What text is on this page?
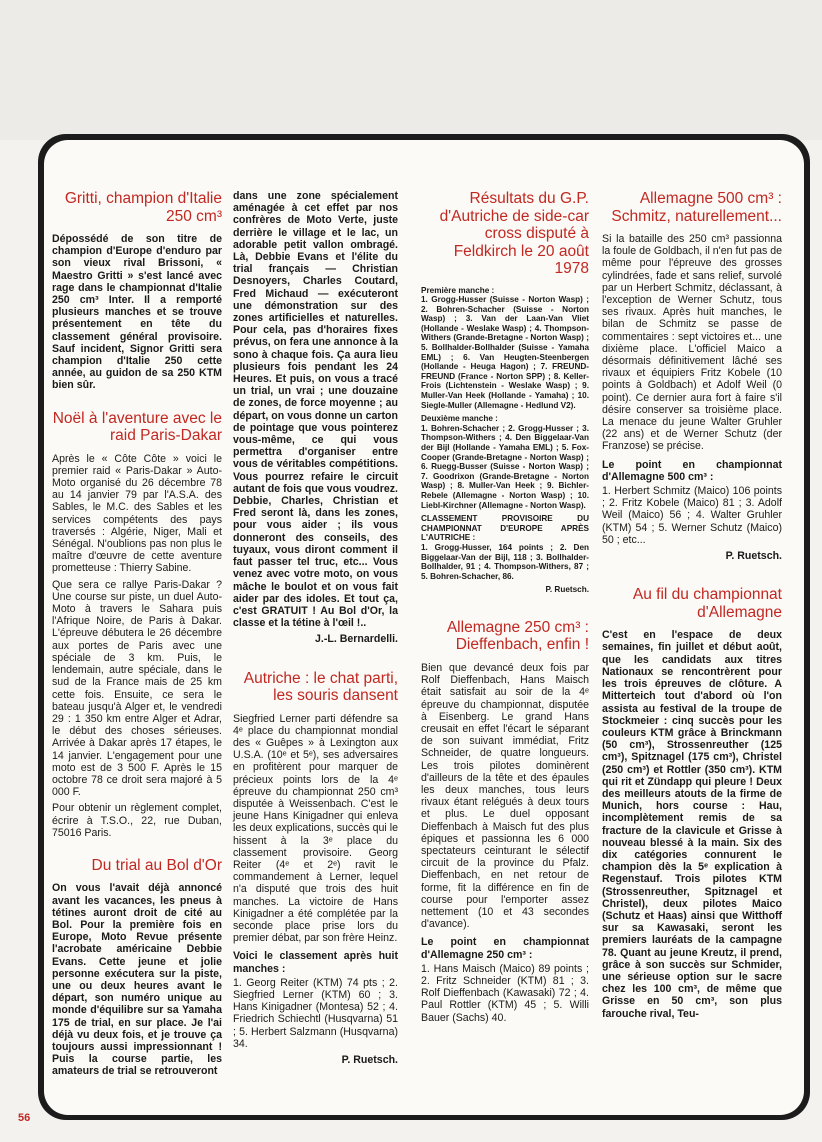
Gritti, champion d'Italie 250 cm³

Dépossédé de son titre de champion d'Europe d'enduro par son vieux rival Brissoni, « Maestro Gritti » s'est lancé avec rage dans le championnat d'Italie 250 cm³ Inter. Il a remporté plusieurs manches et se trouve présentement en tête du classement général provisoire. Sauf incident, Signor Gritti sera champion d'Italie 250 cette année, au guidon de sa 250 KTM bien sûr.

Noël à l'aventure avec le raid Paris-Dakar

Après le « Côte Côte » voici le premier raid « Paris-Dakar » Auto-Moto organisé du 26 décembre 78 au 14 janvier 79 par l'A.S.A. des Sables, le M.C. des Sables et les services compétents des pays traversés : Algérie, Niger, Mali et Sénégal. N'oublions pas non plus le maître d'œuvre de cette aventure prometteuse : Thierry Sabine.

Que sera ce rallye Paris-Dakar ? Une course sur piste, un duel Auto-Moto à travers le Sahara puis l'Afrique Noire, de Paris à Dakar. L'épreuve débutera le 26 décembre aux portes de Paris avec une spéciale de 3 km. Puis, le lendemain, autre spéciale, dans le sud de la France mais de 25 km cette fois. Ensuite, ce sera le bateau jusqu'à Alger et, le vendredi 29 : 1 350 km entre Alger et Adrar, le début des choses sérieuses. Arrivée à Dakar après 17 étapes, le 14 janvier. L'engagement pour une moto est de 3 500 F. Après le 15 octobre 78 ce droit sera majoré à 5 000 F.

Pour obtenir un règlement complet, écrire à T.S.O., 22, rue Duban, 75016 Paris.

Du trial au Bol d'Or

On vous l'avait déjà annoncé avant les vacances, les pneus à tétines auront droit de cité au Bol. Pour la première fois en Europe, Moto Revue présente l'acrobate américaine Debbie Evans. Cette jeune et jolie personne exécutera sur la piste, une ou deux heures avant le départ, son numéro unique au monde d'équilibre sur sa Yamaha 175 de trial, en sur place. Je l'ai déjà vu deux fois, et je trouve ça toujours aussi impressionnant ! Puis la course partie, les amateurs de trial se retrouveront

dans une zone spécialement aménagée à cet effet par nos confrères de Moto Verte, juste derrière le village et le lac, un adorable petit vallon ombragé. Là, Debbie Evans et l'élite du trial français — Christian Desnoyers, Charles Coutard, Fred Michaud — exécuteront une démonstration sur des zones artificielles et naturelles. Pour cela, pas d'horaires fixes prévus, on fera une annonce à la sono à chaque fois. Ça aura lieu plusieurs fois pendant les 24 Heures. Et puis, on vous a tracé un trial, un vrai ; une douzaine de zones, de force moyenne ; au départ, on vous donne un carton de pointage que vous pointerez vous-même, ce qui vous permettra d'organiser entre vous de véritables compétitions. Vous pourrez refaire le circuit autant de fois que vous voudrez. Debbie, Charles, Christian et Fred seront là, dans les zones, pour vous aider ; ils vous donneront des conseils, des tuyaux, vous diront comment il faut passer tel truc, etc... Vous venez avec votre moto, on vous mâche le boulot et on vous fait aider par des idoles. Et tout ça, c'est GRATUIT ! Au Bol d'Or, la classe et la tétine à l'œil !..

J.-L. Bernardelli.
Autriche : le chat parti, les souris dansent

Siegfried Lerner parti défendre sa 4ᵉ place du championnat mondial des « Guêpes » à Lexington aux U.S.A. (10ᵉ et 5ᵉ), ses adversaires en profitèrent pour marquer de précieux points lors de la 4ᵉ épreuve du championnat 250 cm³ disputée à Weissenbach. C'est le jeune Hans Kinigadner qui enleva les deux explications, succès qui le hissent à la 3ᵉ place du classement provisoire. Georg Reiter (4ᵉ et 2ᵉ) ravit le commandement à Lerner, lequel n'a disputé que trois des huit manches. La victoire de Hans Kinigadner a été complétée par la seconde place prise lors du premier débat, par son frère Heinz.

Voici le classement après huit manches :

1. Georg Reiter (KTM) 74 pts ; 2. Siegfried Lerner (KTM) 60 ; 3. Hans Kinigadner (Montesa) 52 ; 4. Friedrich Schiechtl (Husqvarna) 51 ; 5. Herbert Salzmann (Husqvarna) 34.

P. Ruetsch.
Résultats du G.P. d'Autriche de side-car cross disputé à Feldkirch le 20 août 1978
Première manche :

1. Grogg-Husser (Suisse - Norton Wasp) ; 2. Bohren-Schacher (Suisse - Norton Wasp) ; 3. Van der Laan-Van Vliet (Hollande - Weslake Wasp) ; 4. Thompson-Withers (Grande-Bretagne - Norton Wasp) ; 5. Bollhalder-Bollhalder (Suisse - Yamaha EML) ; 6. Van Heugten-Steenbergen (Hollande - Heuga Hagon) ; 7. FREUND-FREUND (France - Norton SPP) ; 8. Keller-Frois (Lichtenstein - Weslake Wasp) ; 9. Muller-Van Heek (Hollande - Yamaha) ; 10. Siegle-Muller (Allemagne - Hedlund V2).

Deuxième manche :

1. Bohren-Schacher ; 2. Grogg-Husser ; 3. Thompson-Withers ; 4. Den Biggelaar-Van der Bijl (Hollande - Yamaha EML) ; 5. Fox-Cooper (Grande-Bretagne - Norton Wasp) ; 6. Ruegg-Busser (Suisse - Norton Wasp) ; 7. Goodrixon (Grande-Bretagne - Norton Wasp) ; 8. Muller-Van Heek ; 9. Bichler-Rebele (Allemagne - Norton Wasp) ; 10. Liebl-Kirchner (Allemagne - Norton Wasp).

CLASSEMENT PROVISOIRE DU CHAMPIONNAT D'EUROPE APRÈS L'AUTRICHE :

1. Grogg-Husser, 164 points ; 2. Den Biggelaar-Van der Bijl, 118 ; 3. Bollhalder-Bollhalder, 91 ; 4. Thompson-Withers, 87 ; 5. Bohren-Schacher, 86.

P. Ruetsch.
Allemagne 250 cm³ : Dieffenbach, enfin !

Bien que devancé deux fois par Rolf Dieffenbach, Hans Maisch était satisfait au soir de la 4ᵉ épreuve du championnat, disputée à Eisenberg. Le grand Hans creusait en effet l'écart le séparant de son suivant immédiat, Fritz Schneider, de quatre longueurs. Les trois pilotes dominèrent d'ailleurs de la tête et des épaules les deux manches, tous leurs rivaux étant relégués à deux tours et plus. Le duel opposant Dieffenbach à Maisch fut des plus épiques et passionna les 6 000 spectateurs ceinturant le sélectif circuit de la province du Pfalz. Dieffenbach, en net retour de forme, fit la différence en fin de course pour l'emporter assez nettement (10 et 43 secondes d'avance).

Le point en championnat d'Allemagne 250 cm³ :

1. Hans Maisch (Maico) 89 points ; 2. Fritz Schneider (KTM) 81 ; 3. Rolf Dieffenbach (Kawasaki) 72 ; 4. Paul Rottler (KTM) 45 ; 5. Willi Bauer (Sachs) 40.

Allemagne 500 cm³ : Schmitz, naturellement...

Si la bataille des 250 cm³ passionna la foule de Goldbach, il n'en fut pas de même pour l'épreuve des grosses cylindrées, fade et sans relief, survolé par un Herbert Schmitz, déclassant, à l'exception de Werner Schutz, tous ses rivaux. Après huit manches, le bilan de Schmitz se passe de commentaires : sept victoires et... une dixième place. L'officiel Maico a désormais définitivement lâché ses rivaux et équipiers Fritz Kobele (10 points à Goldbach) et Adolf Weil (0 point). Ce dernier aura fort à faire s'il désire conserver sa troisième place. La menace du jeune Walter Gruhler (22 ans) et de Werner Schutz (der Franzose) se précise.

Le point en championnat d'Allemagne 500 cm³ :

1. Herbert Schmitz (Maico) 106 points ; 2. Fritz Kobele (Maico) 81 ; 3. Adolf Weil (Maico) 56 ; 4. Walter Gruhler (KTM) 54 ; 5. Werner Schutz (Maico) 50 ; etc...

P. Ruetsch.
Au fil du championnat d'Allemagne

C'est en l'espace de deux semaines, fin juillet et début août, que les candidats aux titres Nationaux se rencontrèrent pour les trois épreuves de clôture. A Mitterteich tout d'abord où l'on assista au festival de la troupe de Stockmeier : cinq succès pour les couleurs KTM grâce à Brinckmann (50 cm³), Strossenreuther (125 cm³), Spitznagel (175 cm³), Christel (250 cm³) et Rottler (350 cm³). KTM qui rit et Zündapp qui pleure ! Deux des meilleurs atouts de la firme de Munich, hors course : Hau, incomplètement remis de sa fracture de la clavicule et Grisse à nouveau blessé à la main. Six des dix catégories connurent le champion dès la 5ᵉ explication à Regenstauf. Trois pilotes KTM (Strossenreuther, Spitznagel et Christel), deux pilotes Maico (Schutz et Haas) ainsi que Witthoff sur sa Kawasaki, seront les premiers lauréats de la campagne 78. Quant au jeune Kreutz, il prend, grâce à son succès sur Schmider, une sérieuse option sur le sacre chez les 100 cm³, de même que Grisse en 50 cm³, son plus farouche rival, Teu-

56
